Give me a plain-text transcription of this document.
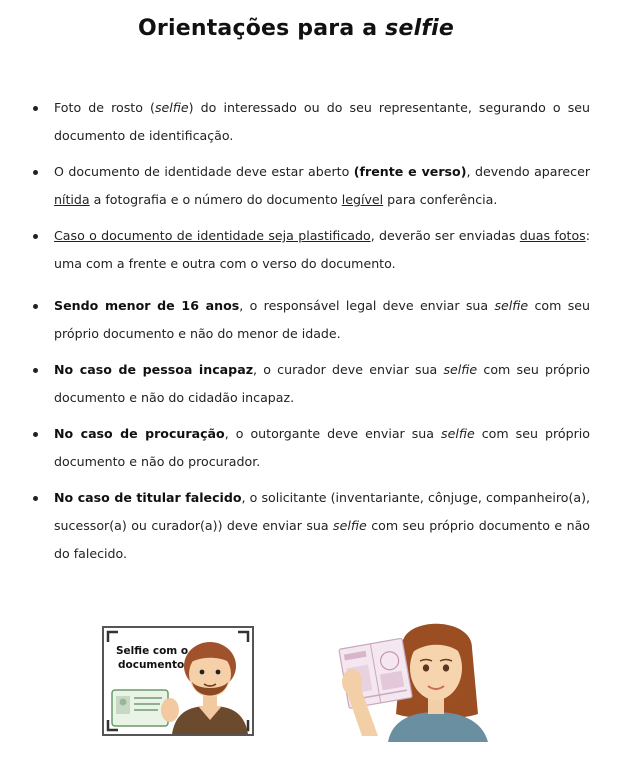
Orientações para a selfie
Foto de rosto (selfie) do interessado ou do seu representante, segurando o seu documento de identificação.
O documento de identidade deve estar aberto (frente e verso), devendo aparecer nítida a fotografia e o número do documento legível para conferência.
Caso o documento de identidade seja plastificado, deverão ser enviadas duas fotos: uma com a frente e outra com o verso do documento.
Sendo menor de 16 anos, o responsável legal deve enviar sua selfie com seu próprio documento e não do menor de idade.
No caso de pessoa incapaz, o curador deve enviar sua selfie com seu próprio documento e não do cidadão incapaz.
No caso de procuração, o outorgante deve enviar sua selfie com seu próprio documento e não do procurador.
No caso de titular falecido, o solicitante (inventariante, cônjuge, companheiro(a), sucessor(a) ou curador(a)) deve enviar sua selfie com seu próprio documento e não do falecido.
Selfie com o
documento
